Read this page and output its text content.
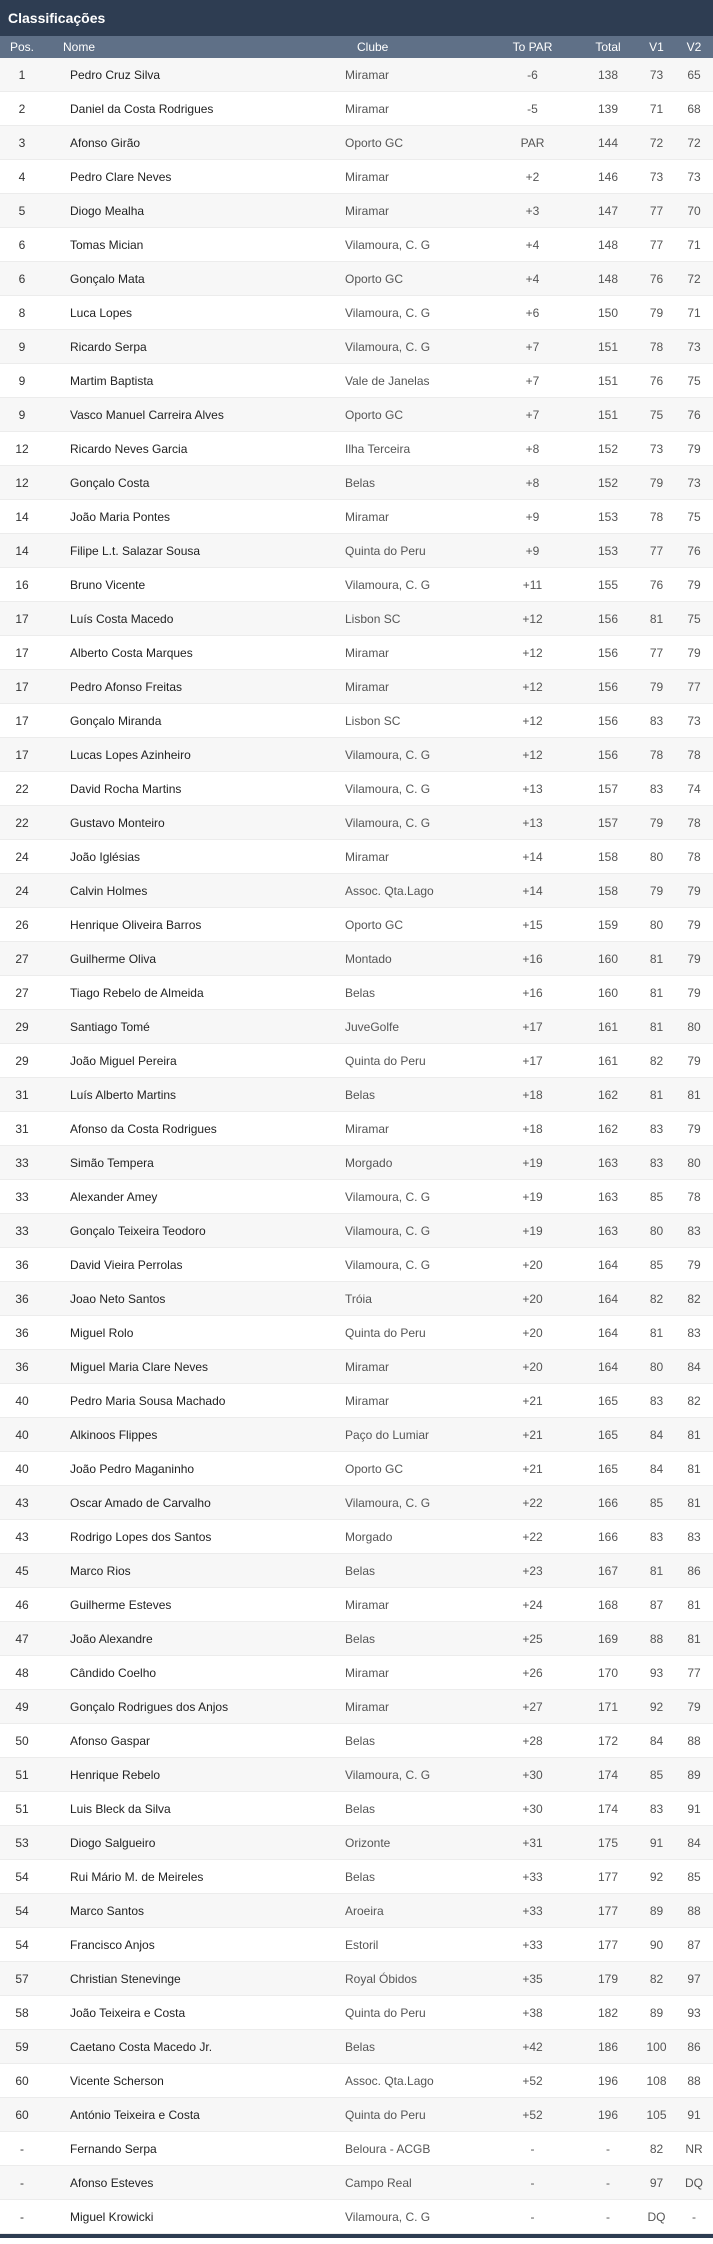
Classificações
Pos.	Nome	Clube	To PAR	Total	V1	V2
1	Pedro Cruz Silva	Miramar	-6	138	73	65
2	Daniel da Costa Rodrigues	Miramar	-5	139	71	68
3	Afonso Girão	Oporto GC	PAR	144	72	72
4	Pedro Clare Neves	Miramar	+2	146	73	73
5	Diogo Mealha	Miramar	+3	147	77	70
6	Tomas Mician	Vilamoura, C. G	+4	148	77	71
6	Gonçalo Mata	Oporto GC	+4	148	76	72
8	Luca Lopes	Vilamoura, C. G	+6	150	79	71
9	Ricardo Serpa	Vilamoura, C. G	+7	151	78	73
9	Martim Baptista	Vale de Janelas	+7	151	76	75
9	Vasco Manuel Carreira Alves	Oporto GC	+7	151	75	76
12	Ricardo Neves Garcia	Ilha Terceira	+8	152	73	79
12	Gonçalo Costa	Belas	+8	152	79	73
14	João Maria Pontes	Miramar	+9	153	78	75
14	Filipe L.t. Salazar Sousa	Quinta do Peru	+9	153	77	76
16	Bruno Vicente	Vilamoura, C. G	+11	155	76	79
17	Luís Costa Macedo	Lisbon SC	+12	156	81	75
17	Alberto Costa Marques	Miramar	+12	156	77	79
17	Pedro Afonso Freitas	Miramar	+12	156	79	77
17	Gonçalo Miranda	Lisbon SC	+12	156	83	73
17	Lucas Lopes Azinheiro	Vilamoura, C. G	+12	156	78	78
22	David Rocha Martins	Vilamoura, C. G	+13	157	83	74
22	Gustavo Monteiro	Vilamoura, C. G	+13	157	79	78
24	João Iglésias	Miramar	+14	158	80	78
24	Calvin Holmes	Assoc. Qta.Lago	+14	158	79	79
26	Henrique Oliveira Barros	Oporto GC	+15	159	80	79
27	Guilherme Oliva	Montado	+16	160	81	79
27	Tiago Rebelo de Almeida	Belas	+16	160	81	79
29	Santiago Tomé	JuveGolfe	+17	161	81	80
29	João Miguel Pereira	Quinta do Peru	+17	161	82	79
31	Luís Alberto Martins	Belas	+18	162	81	81
31	Afonso da Costa Rodrigues	Miramar	+18	162	83	79
33	Simão Tempera	Morgado	+19	163	83	80
33	Alexander Amey	Vilamoura, C. G	+19	163	85	78
33	Gonçalo Teixeira Teodoro	Vilamoura, C. G	+19	163	80	83
36	David Vieira Perrolas	Vilamoura, C. G	+20	164	85	79
36	Joao Neto Santos	Tróia	+20	164	82	82
36	Miguel Rolo	Quinta do Peru	+20	164	81	83
36	Miguel Maria Clare Neves	Miramar	+20	164	80	84
40	Pedro Maria Sousa Machado	Miramar	+21	165	83	82
40	Alkinoos Flippes	Paço do Lumiar	+21	165	84	81
40	João Pedro Maganinho	Oporto GC	+21	165	84	81
43	Oscar Amado de Carvalho	Vilamoura, C. G	+22	166	85	81
43	Rodrigo Lopes dos Santos	Morgado	+22	166	83	83
45	Marco Rios	Belas	+23	167	81	86
46	Guilherme Esteves	Miramar	+24	168	87	81
47	João Alexandre	Belas	+25	169	88	81
48	Cândido Coelho	Miramar	+26	170	93	77
49	Gonçalo Rodrigues dos Anjos	Miramar	+27	171	92	79
50	Afonso Gaspar	Belas	+28	172	84	88
51	Henrique Rebelo	Vilamoura, C. G	+30	174	85	89
51	Luis Bleck da Silva	Belas	+30	174	83	91
53	Diogo Salgueiro	Orizonte	+31	175	91	84
54	Rui Mário M. de Meireles	Belas	+33	177	92	85
54	Marco Santos	Aroeira	+33	177	89	88
54	Francisco Anjos	Estoril	+33	177	90	87
57	Christian Stenevinge	Royal Óbidos	+35	179	82	97
58	João Teixeira e Costa	Quinta do Peru	+38	182	89	93
59	Caetano Costa Macedo Jr.	Belas	+42	186	100	86
60	Vicente Scherson	Assoc. Qta.Lago	+52	196	108	88
60	António Teixeira e Costa	Quinta do Peru	+52	196	105	91
-	Fernando Serpa	Beloura - ACGB	-	-	82	NR
-	Afonso Esteves	Campo Real	-	-	97	DQ
-	Miguel Krowicki	Vilamoura, C. G	-	-	DQ	-
